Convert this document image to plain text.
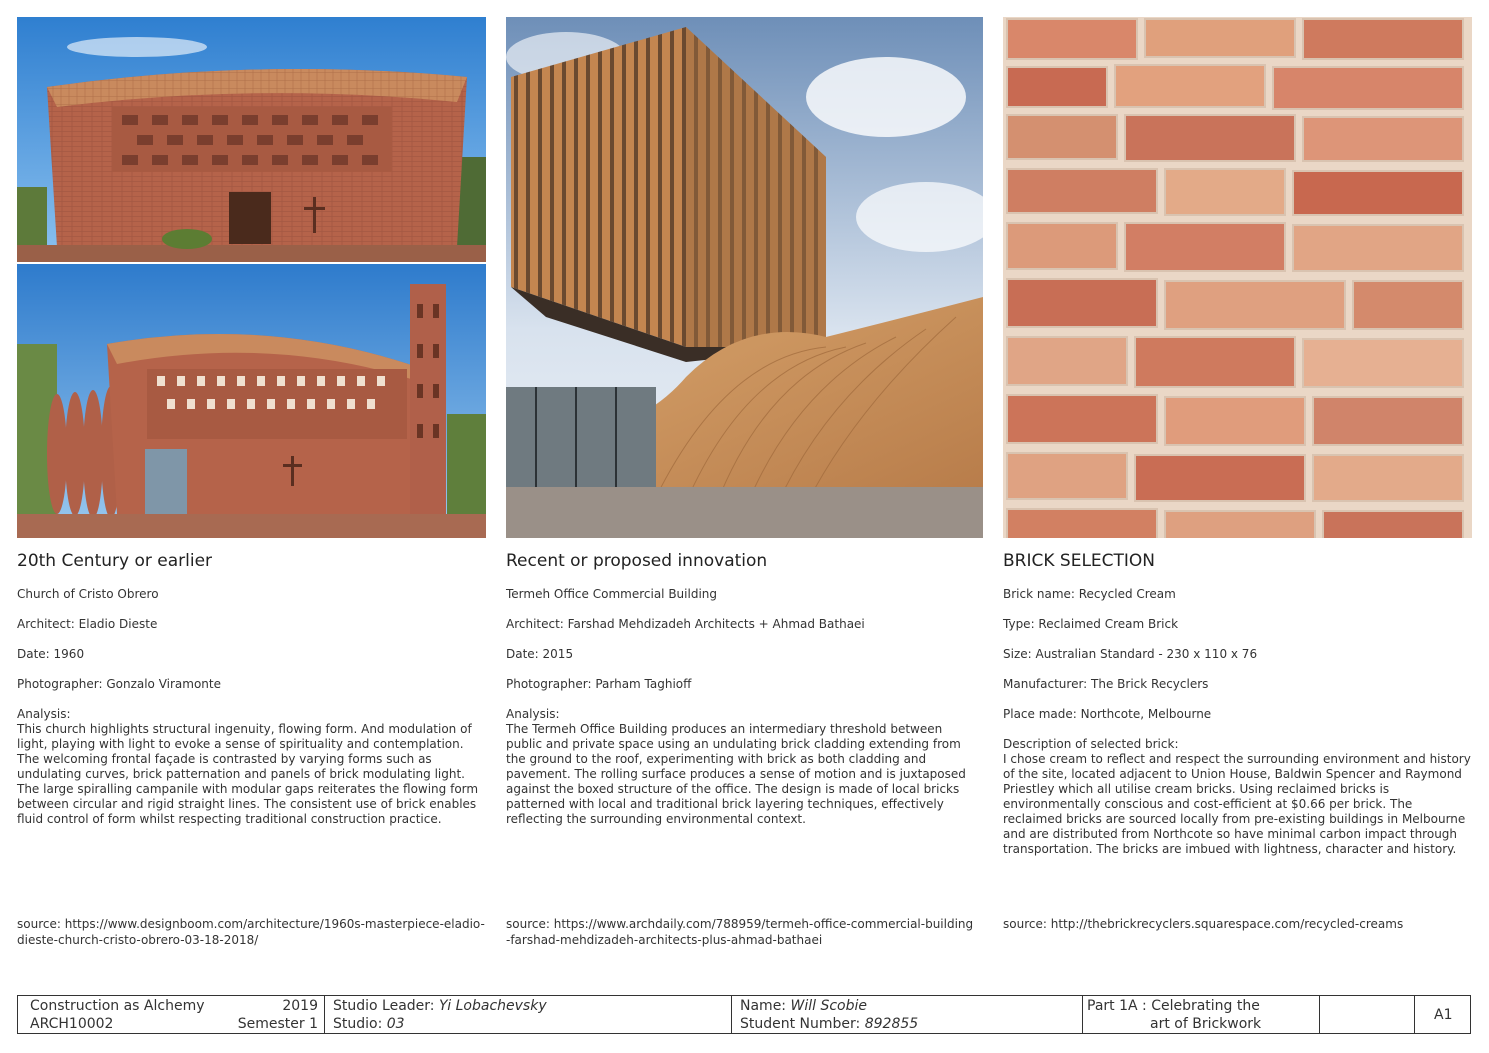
20th Century or earlier
Church of Cristo Obrero
Architect: Eladio Dieste
Date: 1960
Photographer: Gonzalo Viramonte
Analysis:
This church highlights structural ingenuity, flowing form. And modulation of light, playing with light to evoke a sense of spirituality and contemplation. The welcoming frontal façade is contrasted by varying forms such as undulating curves, brick patternation and panels of brick modulating light. The large spiralling campanile with modular gaps reiterates the flowing form between circular and rigid straight lines. The consistent use of brick enables fluid control of form whilst respecting traditional construction practice.
source: https://www.designboom.com/architecture/1960s-masterpiece-eladio-dieste-church-cristo-obrero-03-18-2018/
Recent or proposed innovation
Termeh Office Commercial Building
Architect: Farshad Mehdizadeh Architects + Ahmad Bathaei
Date: 2015
Photographer: Parham Taghioff
Analysis:
The Termeh Office Building produces an intermediary threshold between public and private space using an undulating brick cladding extending from the ground to the roof, experimenting with brick as both cladding and pavement. The rolling surface produces a sense of motion and is juxtaposed against the boxed structure of the office. The design is made of local bricks patterned with local and traditional brick layering techniques, effectively reflecting the surrounding environmental context.
source: https://www.archdaily.com/788959/termeh-office-commercial-building-farshad-mehdizadeh-architects-plus-ahmad-bathaei
BRICK SELECTION
Brick name: Recycled Cream
Type: Reclaimed Cream Brick
Size: Australian Standard - 230 x 110 x 76
Manufacturer: The Brick Recyclers
Place made: Northcote, Melbourne
Description of selected brick:
I chose cream to reflect and respect the surrounding environment and history of the site, located adjacent to Union House, Baldwin Spencer and Raymond Priestley which all utilise cream bricks. Using reclaimed bricks is environmentally conscious and cost-efficient at $0.66 per brick. The reclaimed bricks are sourced locally from pre-existing buildings in Melbourne and are distributed from Northcote so have minimal carbon impact through transportation. The bricks are imbued with lightness, character and history.
source: http://thebrickrecyclers.squarespace.com/recycled-creams
Construction as Alchemy	2019
ARCH10002	Semester 1
Studio Leader: Yi Lobachevsky
Studio: 03
Name: Will Scobie
Student Number: 892855
Part 1A : Celebrating the
art of Brickwork
A1
